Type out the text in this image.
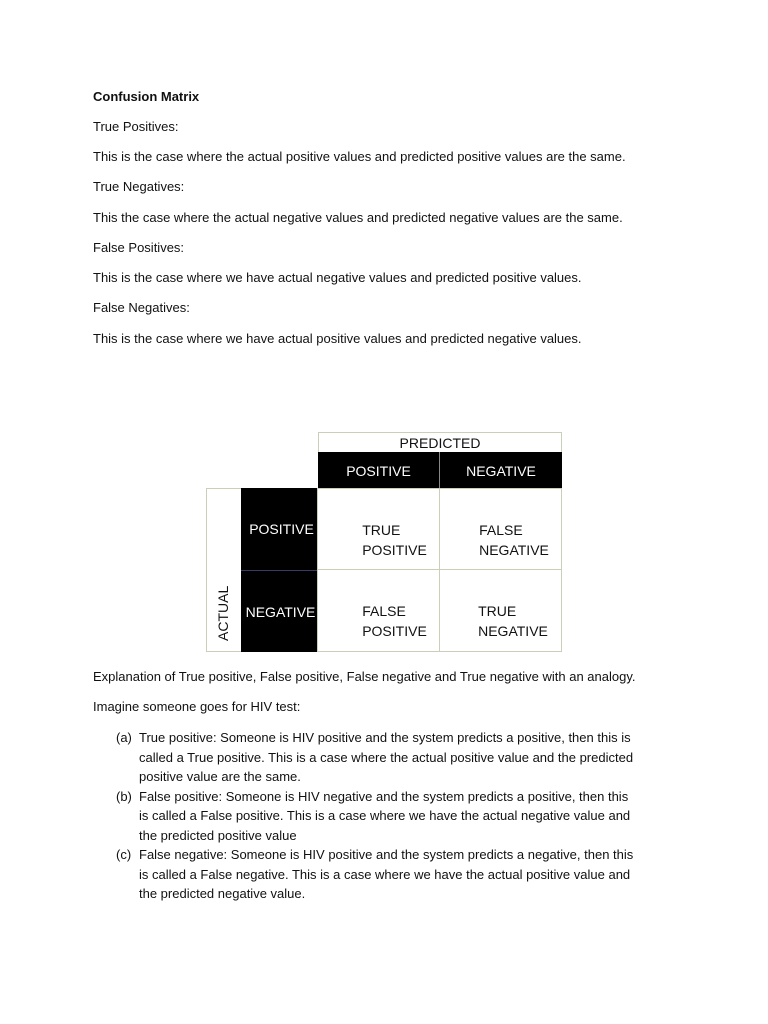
Confusion Matrix

True Positives:

This is the case where the actual positive values and predicted positive values are the same.

True Negatives:

This the case where the actual negative values and predicted negative values are the same.

False Positives:

This is the case where we have actual negative values and predicted positive values.

False Negatives:

This is the case where we have actual positive values and predicted negative values.

PREDICTED
POSITIVE	NEGATIVE
ACTUAL
POSITIVE
NEGATIVE
TRUE
POSITIVE
FALSE
NEGATIVE
FALSE
POSITIVE
TRUE
NEGATIVE

Explanation of True positive, False positive, False negative and True negative with an analogy.

Imagine someone goes for HIV test:

(a) True positive: Someone is HIV positive and the system predicts a positive, then this is
called a True positive. This is a case where the actual positive value and the predicted
positive value are the same.
(b) False positive: Someone is HIV negative and the system predicts a positive, then this
is called a False positive. This is a case where we have the actual negative value and
the predicted positive value
(c) False negative: Someone is HIV positive and the system predicts a negative, then this
is called a False negative. This is a case where we have the actual positive value and
the predicted negative value.
